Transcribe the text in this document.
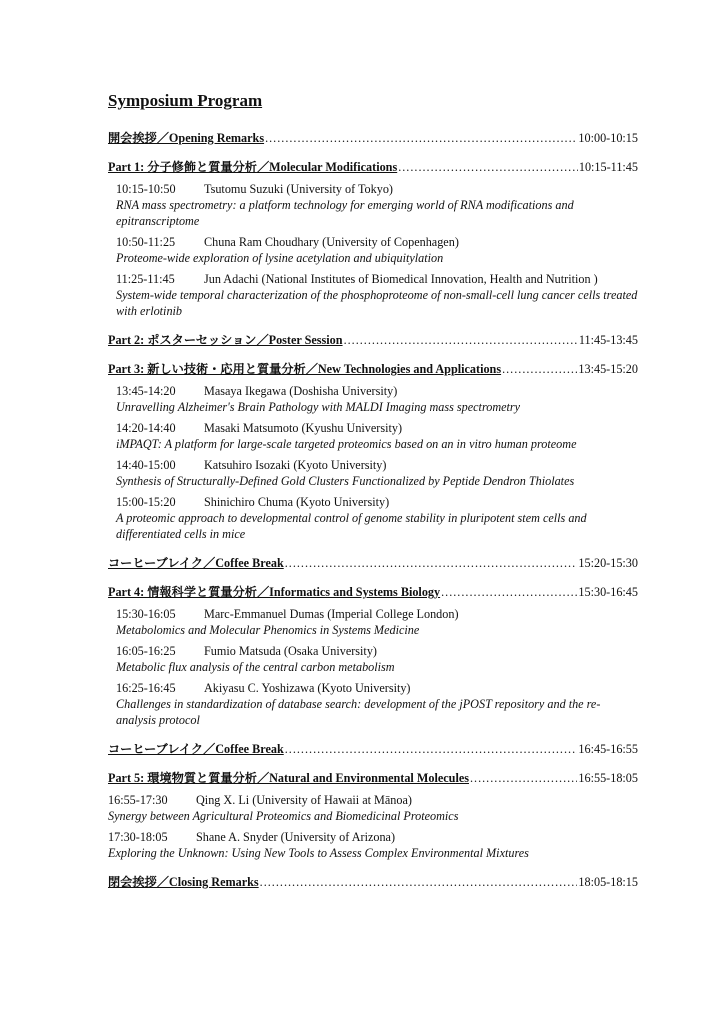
Symposium Program
開会挨拶／Opening Remarks .....	10:00-10:15
Part 1: 分子修飾と質量分析／Molecular Modifications .....	10:15-11:45
10:15-10:50 Tsutomu Suzuki (University of Tokyo)
RNA mass spectrometry: a platform technology for emerging world of RNA modifications and epitranscriptome
10:50-11:25 Chuna Ram Choudhary (University of Copenhagen)
Proteome-wide exploration of lysine acetylation and ubiquitylation
11:25-11:45 Jun Adachi (National Institutes of Biomedical Innovation, Health and Nutrition )
System-wide temporal characterization of the phosphoproteome of non-small-cell lung cancer cells treated with erlotinib
Part 2: ポスターセッション／Poster Session .....	11:45-13:45
Part 3: 新しい技術・応用と質量分析／New Technologies and Applications .....	13:45-15:20
13:45-14:20 Masaya Ikegawa (Doshisha University)
Unravelling Alzheimer's Brain Pathology with MALDI Imaging mass spectrometry
14:20-14:40 Masaki Matsumoto (Kyushu University)
iMPAQT: A platform for large-scale targeted proteomics based on an in vitro human proteome
14:40-15:00 Katsuhiro Isozaki (Kyoto University)
Synthesis of Structurally-Defined Gold Clusters Functionalized by Peptide Dendron Thiolates
15:00-15:20 Shinichiro Chuma (Kyoto University)
A proteomic approach to developmental control of genome stability in pluripotent stem cells and differentiated cells in mice
コーヒーブレイク／Coffee Break .....	15:20-15:30
Part 4: 情報科学と質量分析／Informatics and Systems Biology .....	15:30-16:45
15:30-16:05 Marc-Emmanuel Dumas (Imperial College London)
Metabolomics and Molecular Phenomics in Systems Medicine
16:05-16:25 Fumio Matsuda (Osaka University)
Metabolic flux analysis of the central carbon metabolism
16:25-16:45 Akiyasu C. Yoshizawa (Kyoto University)
Challenges in standardization of database search: development of the jPOST repository and the re-analysis protocol
コーヒーブレイク／Coffee Break .....	16:45-16:55
Part 5: 環境物質と質量分析／Natural and Environmental Molecules .....	16:55-18:05
16:55-17:30 Qing X. Li (University of Hawaii at Mānoa)
Synergy between Agricultural Proteomics and Biomedicinal Proteomics
17:30-18:05 Shane A. Snyder (University of Arizona)
Exploring the Unknown: Using New Tools to Assess Complex Environmental Mixtures
閉会挨拶／Closing Remarks .....	18:05-18:15
